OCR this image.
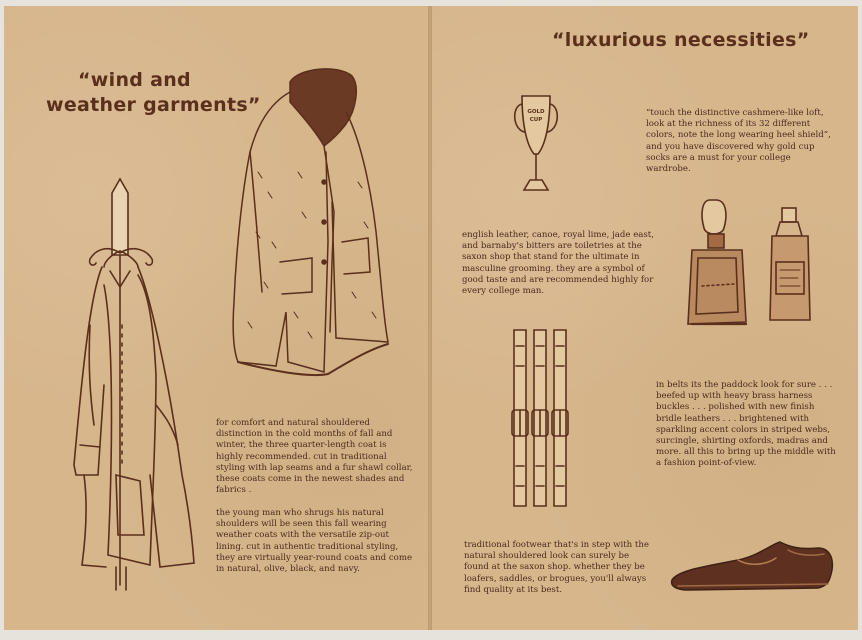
“wind and
weather garments”

for comfort and natural shouldered distinction in the cold months of fall and winter, the three quarter-length coat is highly recommended. cut in traditional styling with lap seams and a fur shawl collar, these coats come in the newest shades and fabrics .

the young man who shrugs his natural shoulders will be seen this fall wearing weather coats with the versatile zip-out lining. cut in authentic traditional styling, they are virtually year-round coats and come in natural, olive, black, and navy.

“luxurious necessities”
GOLD CUP

“touch the distinctive cashmere-like loft, look at the richness of its 32 different colors, note the long wearing heel shield”, and you have discovered why gold cup socks are a must for your college wardrobe.

english leather, canoe, royal lime, jade east, and barnaby's bitters are toiletries at the saxon shop that stand for the ultimate in masculine grooming. they are a symbol of good taste and are recommended highly for every college man.

in belts its the paddock look for sure . . . beefed up with heavy brass harness buckles . . . polished with new finish bridle leathers . . . brightened with sparkling accent colors in striped webs, surcingle, shirting oxfords, madras and more. all this to bring up the middle with a fashion point-of-view.

traditional footwear that's in step with the natural shouldered look can surely be found at the saxon shop. whether they be loafers, saddles, or brogues, you'll always find quality at its best.
